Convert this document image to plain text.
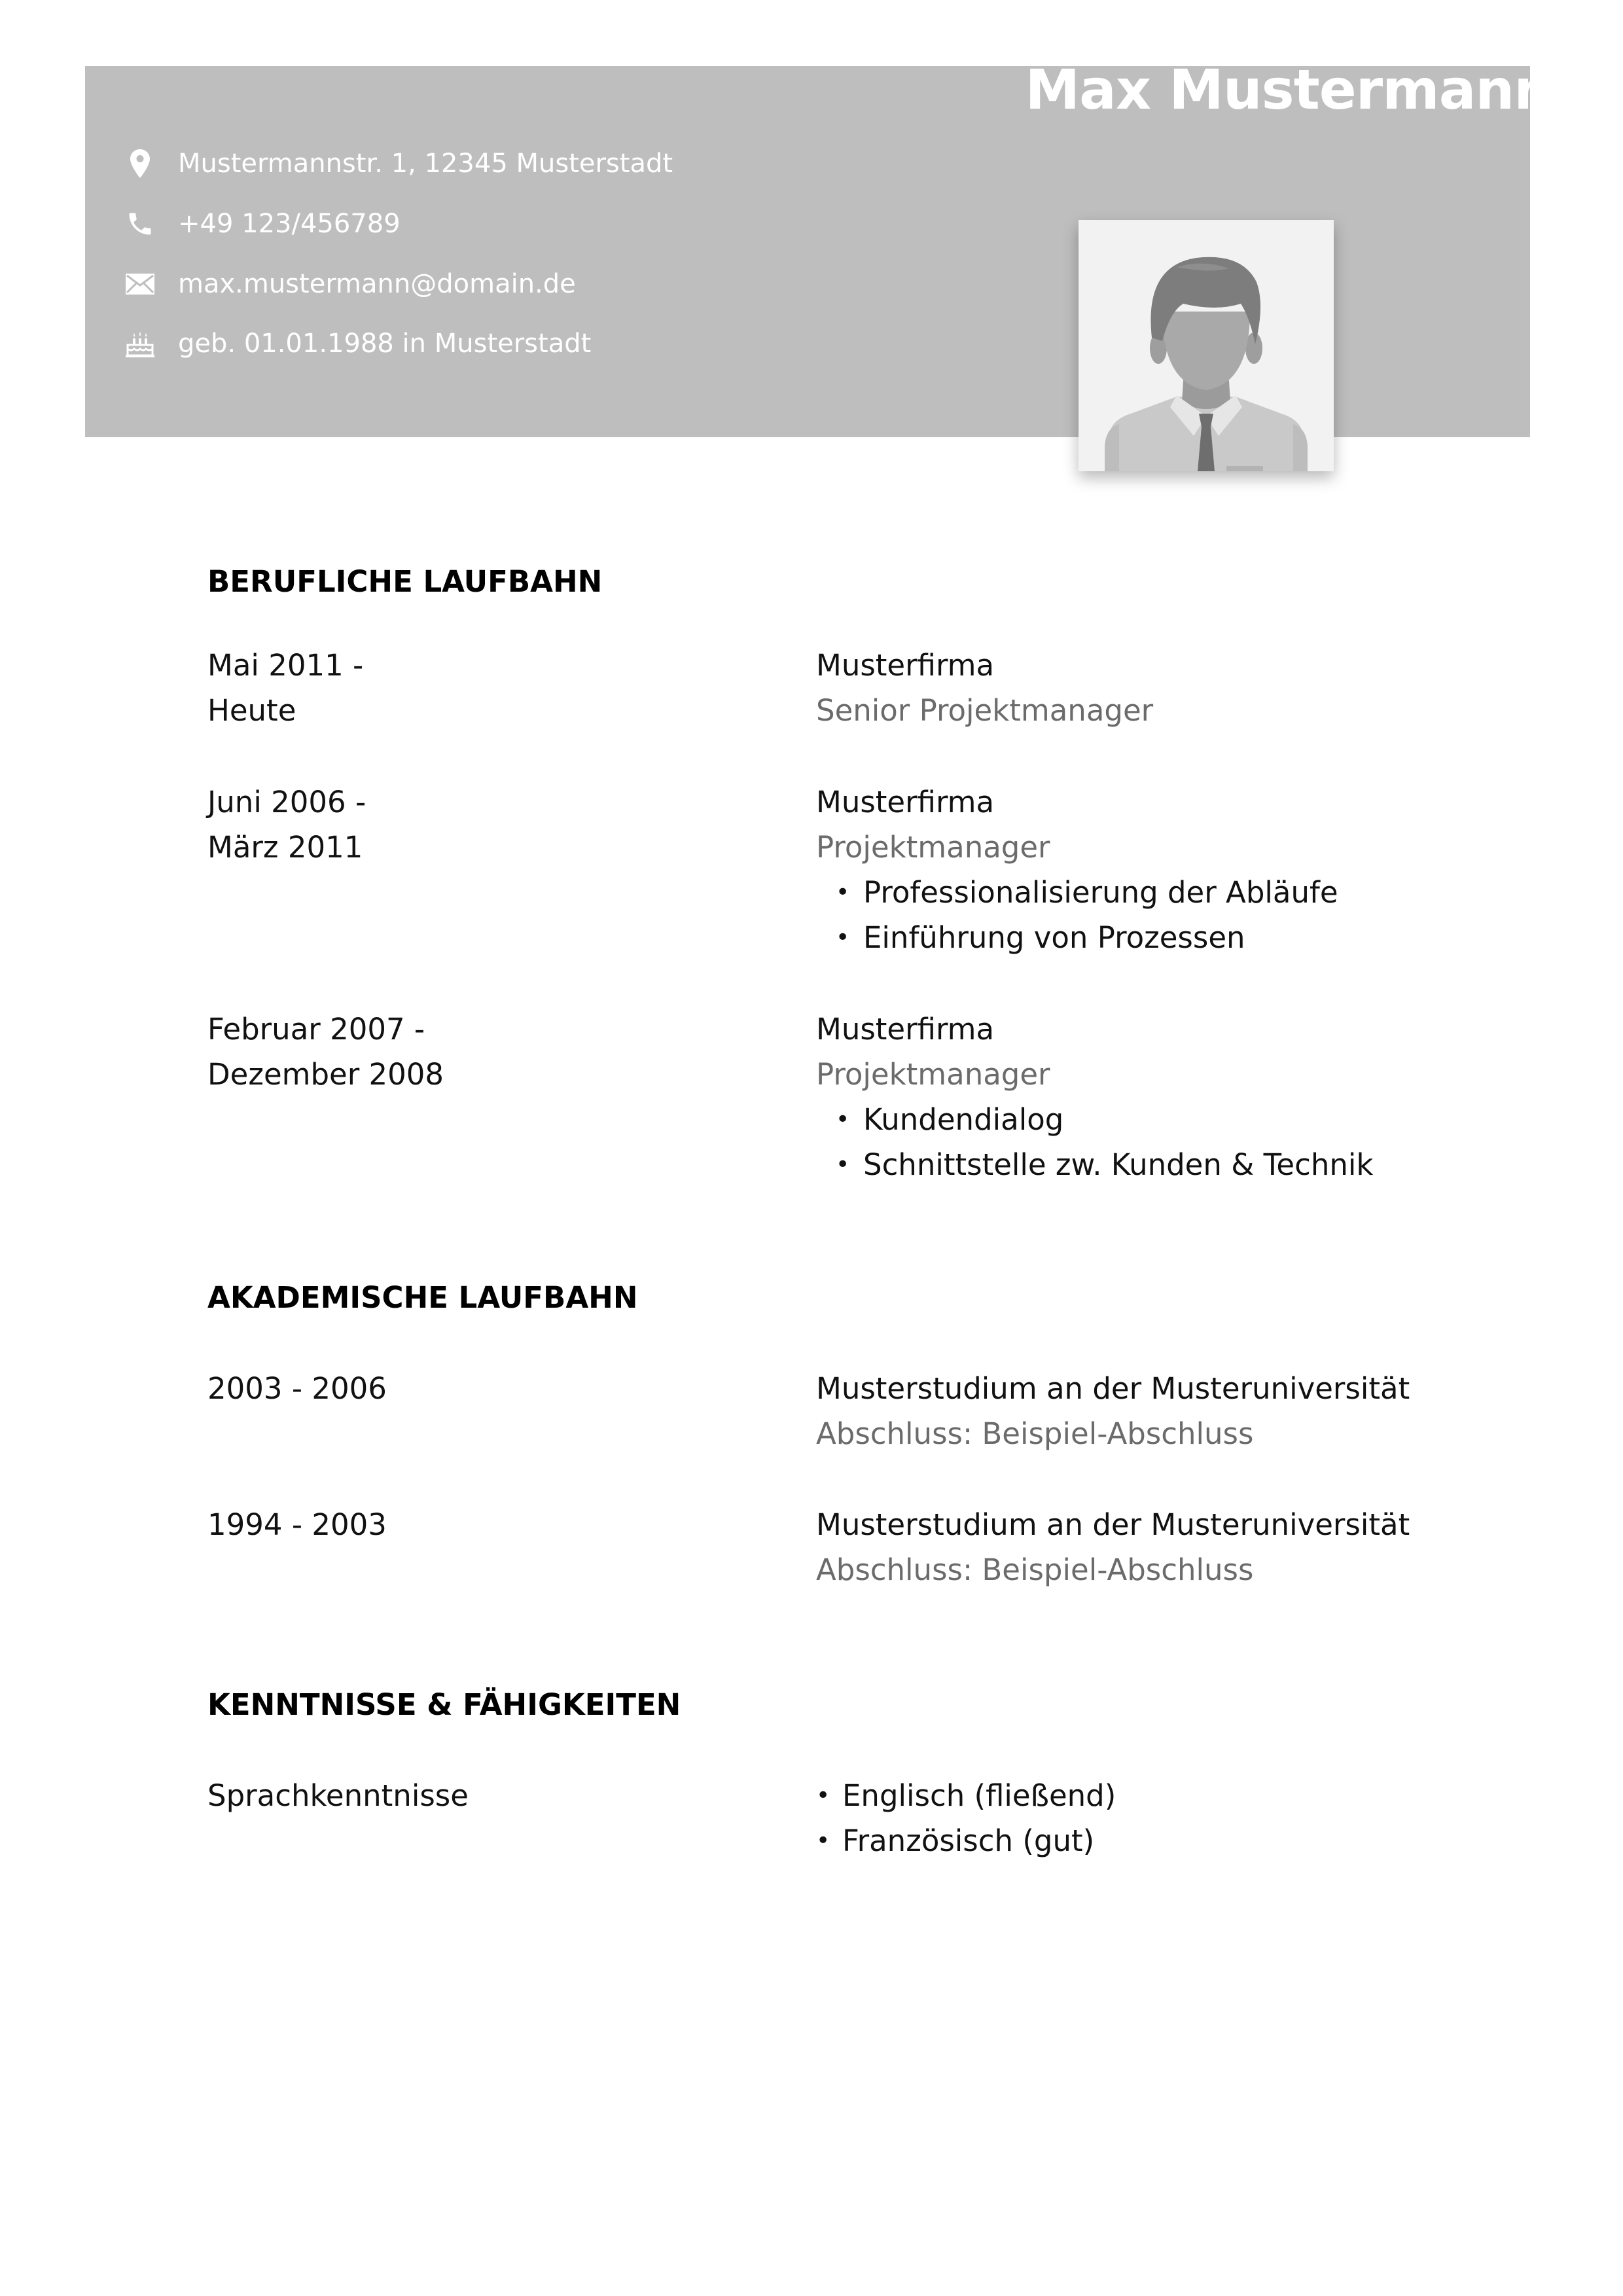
Mustermannstr. 1, 12345 Musterstadt
+49 123/456789
max.mustermann@domain.de
geb. 01.01.1988 in Musterstadt
Max Mustermann
BERUFLICHE LAUFBAHN
Mai 2011 -
Heute
Musterfirma
Senior Projektmanager
Juni 2006 -
März 2011
Musterfirma
Projektmanager
• Professionalisierung der Abläufe
• Einführung von Prozessen
Februar 2007 -
Dezember 2008
Musterfirma
Projektmanager
• Kundendialog
• Schnittstelle zw. Kunden & Technik
AKADEMISCHE LAUFBAHN
2003 - 2006	Musterstudium an der Musteruniversität
Abschluss: Beispiel-Abschluss
1994 - 2003	Musterstudium an der Musteruniversität
Abschluss: Beispiel-Abschluss
KENNTNISSE & FÄHIGKEITEN
Sprachkenntnisse
•	Englisch (fließend)
• Französisch (gut)
